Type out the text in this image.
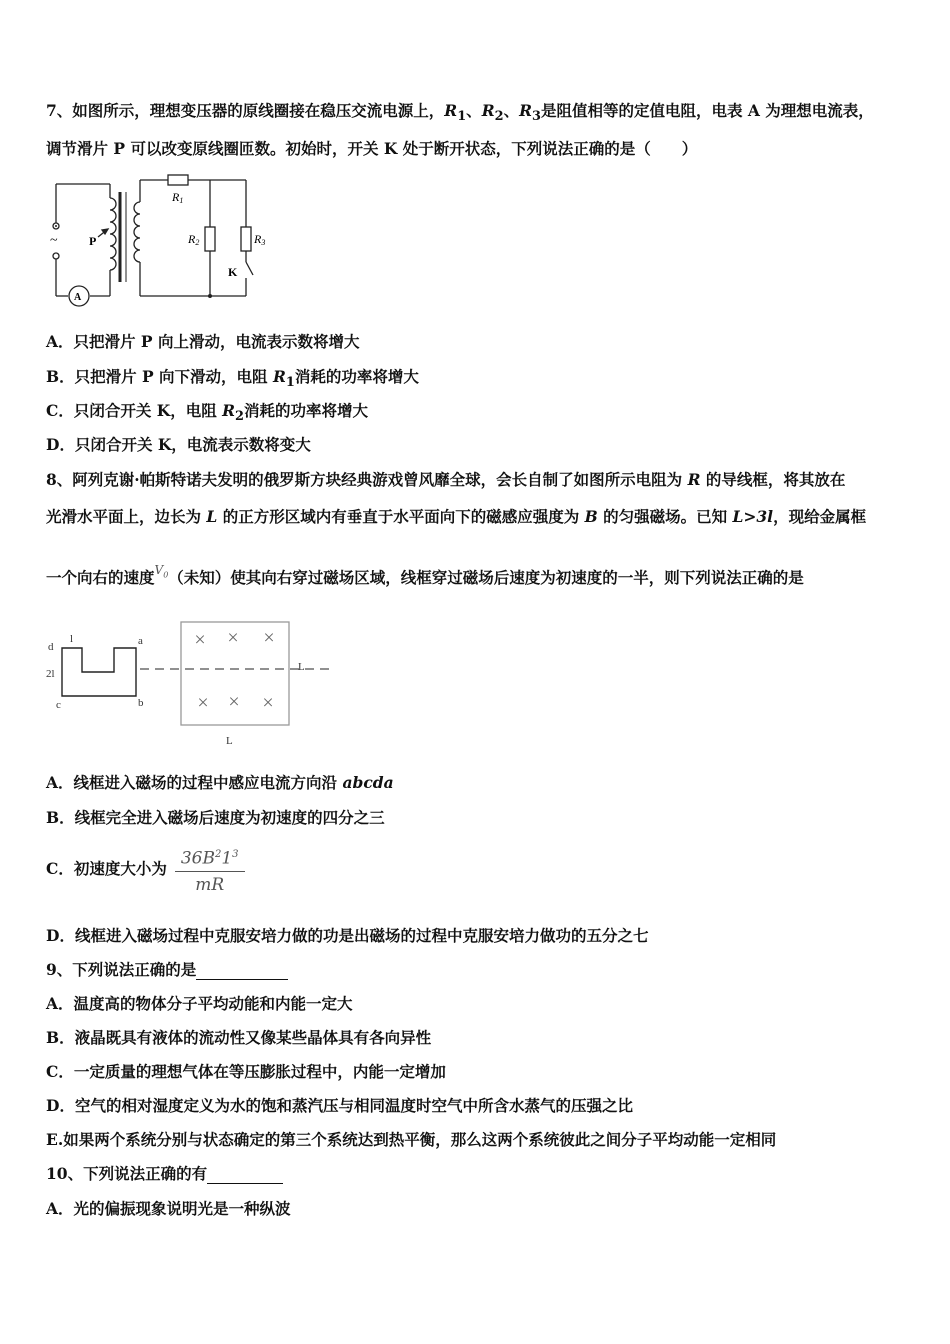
7、如图所示，理想变压器的原线圈接在稳压交流电源上，$R_1$、$R_2$、$R_3$是阻值相等的定值电阻，电表 A 为理想电流表，
调节滑片 P 可以改变原线圈匝数。初始时，开关 K 处于断开状态，下列说法正确的是（　　）
~	P
A
R1
R2	R3
K
A．只把滑片 P 向上滑动，电流表示数将增大
B．只把滑片 P 向下滑动，电阻 $R_1$消耗的功率将增大
C．只闭合开关 K，电阻 $R_2$消耗的功率将增大
D．只闭合开关 K，电流表示数将变大
8、阿列克谢·帕斯特诺夫发明的俄罗斯方块经典游戏曾风靡全球，会长自制了如图所示电阻为 R 的导线框，将其放在
光滑水平面上，边长为 L 的正方形区域内有垂直于水平面向下的磁感应强度为 B 的匀强磁场。已知 L>3l，现给金属框
一个向右的速度$^{V_0}$（未知）使其向右穿过磁场区域，线框穿过磁场后速度为初速度的一半，则下列说法正确的是
d
l	a
2l
c	b
L
L
× × ×
× × ×
A．线框进入磁场的过程中感应电流方向沿 abcda
B．线框完全进入磁场后速度为初速度的四分之三
C．初速度大小为 $\frac{36B^21^3}{mR}$
D．线框进入磁场过程中克服安培力做的功是出磁场的过程中克服安培力做功的五分之七
9、下列说法正确的是
A．温度高的物体分子平均动能和内能一定大
B．液晶既具有液体的流动性又像某些晶体具有各向异性
C．一定质量的理想气体在等压膨胀过程中，内能一定增加
D．空气的相对湿度定义为水的饱和蒸汽压与相同温度时空气中所含水蒸气的压强之比
E.如果两个系统分别与状态确定的第三个系统达到热平衡，那么这两个系统彼此之间分子平均动能一定相同
10、下列说法正确的有
A．光的偏振现象说明光是一种纵波
